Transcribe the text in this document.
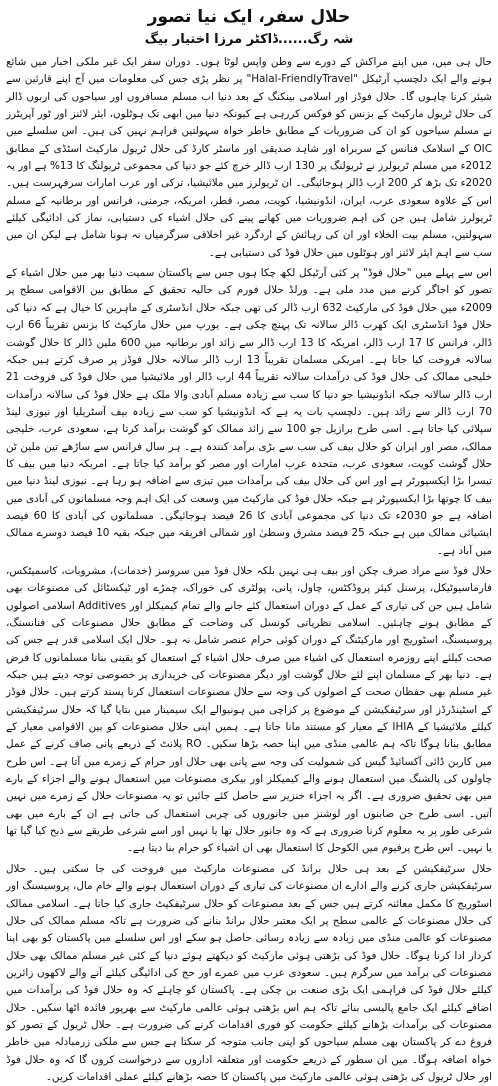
حلال سفر، ایک نیا تصور
شہ رگ......ڈاکٹر مرزا اختیار بیگ

حال ہی میں، میں اپنے مراکش کے دورے سے وطن واپس لوٹا ہوں۔ دوران سفر ایک غیر ملکی اخبار میں شائع ہونے والے ایک دلچسپ آرٹیکل "Halal-FriendlyTravel" پر نظر پڑی جس کی معلومات میں آج اپنے قارئین سے شیئر کرنا چاہوں گا۔ حلال فوڈز اور اسلامی بینکنگ کے بعد دنیا اب مسلم مسافروں اور سیاحوں کی اربوں ڈالر کی حلال ٹریول مارکیٹ کے بزنس کو فوکس کررہی ہے کیونکہ دنیا میں ابھی تک ہوٹلوں، ایئر لائنز اور ٹور آپریٹرز نے مسلم سیاحوں کو ان کی ضروریات کے مطابق خاطر خواہ سہولتیں فراہم نہیں کی ہیں۔ اس سلسلے میں OIC کے اسلامک فنانس کے سربراہ اور شاہد صدیقی اور ماسٹر کارڈ کی حلال ٹریول مارکیٹ اسٹڈی کے مطابق 2012ء میں مسلم ٹریولرز نے ٹریولنگ پر 130 ارب ڈالر خرچ کئے جو دنیا کی مجموعی ٹریولنگ کا 13% ہے اور یہ 2020ء تک بڑھ کر 200 ارب ڈالر ہوجائیگی۔ ان ٹریولرز میں ملائیشیا، ترکی اور عرب امارات سرفہرست ہیں۔ اس کے علاوہ سعودی عرب، ایران، انڈونیشیا، کویت، مصر، قطر، امریکہ، جرمنی، فرانس اور برطانیہ کے مسلم ٹریولرز شامل ہیں جن کی اہم ضروریات میں کھانے پینے کی حلال اشیاء کی دستیابی، نماز کی ادائیگی کیلئے سہولتیں، مسلم بیت الخلاء اور ان کی رہائش کے اردگرد غیر اخلاقی سرگرمیاں نہ ہونا شامل ہے لیکن ان میں سب سے اہم ایئر لائنز اور ہوٹلوں میں حلال فوڈ کی دستیابی ہے۔

اس سے پہلے میں "حلال فوڈ" پر کئی آرٹیکل لکھ چکا ہوں جس سے پاکستان سمیت دنیا بھر میں حلال اشیاء کے تصور کو اجاگر کرنے میں مدد ملی ہے۔ ورلڈ حلال فورم کی حالیہ تحقیق کے مطابق بین الاقوامی سطح پر 2009ء میں حلال فوڈ کی مارکیٹ 632 ارب ڈالر کی تھی جبکہ حلال انڈسٹری کے ماہرین کا خیال ہے کہ دنیا کی حلال فوڈ انڈسٹری ایک کھرب ڈالر سالانہ تک پہنچ چکی ہے۔ یورپ میں حلال مارکیٹ کا بزنس تقریباً 66 ارب ڈالر، فرانس کا 17 ارب ڈالر، امریکہ کا 13 ارب ڈالر سے زائد اور برطانیہ میں 600 ملین ڈالر کا حلال گوشت سالانہ فروخت کیا جاتا ہے۔ امریکی مسلمان تقریباً 13 ارب ڈالر سالانہ حلال فوڈز پر صرف کرتے ہیں جبکہ خلیجی ممالک کی حلال فوڈ کی درآمدات سالانہ تقریباً 44 ارب ڈالر اور ملائیشیا میں حلال فوڈ کی فروخت 21 ارب ڈالر سالانہ جبکہ انڈونیشیا جو دنیا کا سب سے زیادہ مسلم آبادی والا ملک ہے حلال فوڈ کی سالانہ درآمدات 70 ارب ڈالر سے زائد ہیں۔ دلچسپ بات یہ ہے کہ انڈونیشیا کو سب سے زیادہ بیف آسٹریلیا اور نیوزی لینڈ سپلائی کیا جاتا ہے۔ اسی طرح برازیل جو 100 سے زائد ممالک کو گوشت برآمد کرتا ہے، سعودی عرب، خلیجی ممالک، مصر اور ایران کو حلال بیف کی سب سے بڑی برآمد کنندہ ہے۔ ہر سال فرانس سے ساڑھے تین ملین ٹن حلال گوشت کویت، سعودی عرب، متحدہ عرب امارات اور مصر کو برآمد کیا جاتا ہے۔ امریکہ دنیا میں بیف کا تیسرا بڑا ایکسپورٹر ہے اور اس کی حلال بیف کی برآمدات میں تیزی سے اضافہ ہو رہا ہے۔ نیوزی لینڈ دنیا میں بیف کا چوتھا بڑا ایکسپورٹر ہے جبکہ حلال فوڈ کی مارکیٹ میں وسعت کی ایک اہم وجہ مسلمانوں کی آبادی میں اضافہ ہے جو 2030ء تک دنیا کی مجموعی آبادی کا 26 فیصد ہوجائیگی۔ مسلمانوں کی آبادی کا 60 فیصد ایشیائی ممالک میں ہے جبکہ 25 فیصد مشرق وسطیٰ اور شمالی افریقہ میں جبکہ بقیہ 10 فیصد دوسرے ممالک میں آباد ہے۔

حلال فوڈ سے مراد صرف چکن اور بیف ہی نہیں بلکہ حلال فوڈ میں سروسز (خدمات)، مشروبات، کاسمیٹکس، فارماسیوٹیکل، پرسنل کیئر پروڈکٹس، چاول، پانی، پولٹری کی خوراک، چمڑے اور ٹیکسٹائل کی مصنوعات بھی شامل ہیں جن کی تیاری کے عمل کے دوران استعمال کئے جانے والے تمام کیمیکلز اور Additives اسلامی اصولوں کے مطابق ہونے چاہئیں۔ اسلامی نظریاتی کونسل کی وضاحت کے مطابق حلال مصنوعات کی فنانسنگ، پروسیسنگ، اسٹوریج اور مارکیٹنگ کے دوران کوئی حرام عنصر شامل نہ ہو۔ حلال ایک اسلامی قدر ہے جس کی صحت کیلئے اپنے روزمرہ استعمال کی اشیاء میں صرف حلال اشیاء کے استعمال کو یقینی بنانا مسلمانوں کا فرض ہے۔ دنیا بھر کے مسلمان اپنے لئے حلال گوشت اور دیگر مصنوعات کی خریداری پر خصوصی توجہ دیتے ہیں جبکہ غیر مسلم بھی حفظان صحت کے اصولوں کی وجہ سے حلال مصنوعات استعمال کرنا پسند کرتے ہیں۔ حلال فوڈز کے اسٹینڈرڈز اور سرٹیفکیشن کے موضوع پر کراچی میں ہونیوالے ایک سیمینار میں بتایا گیا کہ حلال سرٹیفکیشن کیلئے ملائیشیا کے IHIA کے معیار کو مستند مانا جاتا ہے۔ ہمیں اپنی حلال مصنوعات کو بین الاقوامی معیار کے مطابق بنانا ہوگا تاکہ ہم عالمی منڈی میں اپنا حصہ بڑھا سکیں۔ RO پلانٹ کے ذریعے پانی صاف کرنے کے عمل میں کاربن ڈائی آکسائیڈ گیس کی شمولیت کی وجہ سے پانی بھی حلال اور حرام کے زمرے میں آتا ہے۔ اس طرح چاولوں کی پالشنگ میں استعمال ہونے والے کیمیکلز اور بیکری مصنوعات میں استعمال ہونے والے اجزاء کے بارے میں بھی تحقیق ضروری ہے۔ اگر یہ اجزاء خنزیر سے حاصل کئے جائیں تو یہ مصنوعات حلال کے زمرے میں نہیں آتیں۔ اسی طرح جن صابنوں اور لوشنز میں جانوروں کی چربی استعمال کی جاتی ہے ان کے بارے میں بھی شرعی طور پر یہ معلوم کرنا ضروری ہے کہ وہ جانور حلال تھا یا نہیں اور اسے شرعی طریقے سے ذبح کیا گیا تھا یا نہیں۔ اس طرح پرفیوم میں الکوحل کا استعمال بھی ان اشیاء کو حرام بنا دیتا ہے۔

حلال سرٹیفکیشن کے بعد ہی حلال برانڈ کی مصنوعات مارکیٹ میں فروخت کی جا سکتی ہیں۔ حلال سرٹیفکیشن جاری کرنے والے ادارے ان مصنوعات کی تیاری کے دوران استعمال ہونے والے خام مال، پروسیسنگ اور اسٹوریج کا مکمل معائنہ کرتے ہیں جس کے بعد مصنوعات کو حلال سرٹیفکیٹ جاری کیا جاتا ہے۔ اسلامی ممالک کی حلال مصنوعات کے عالمی سطح پر ایک معتبر حلال برانڈ بنانے کی ضرورت ہے تاکہ مسلم ممالک کی حلال مصنوعات کو عالمی منڈی میں زیادہ سے زیادہ رسائی حاصل ہو سکے اور اس سلسلے میں پاکستان کو بھی اپنا کردار ادا کرنا ہوگا۔ حلال فوڈ کی بڑھتی ہوئی مارکیٹ کو دیکھتے ہوئے دنیا کے کئی غیر مسلم ممالک بھی حلال مصنوعات کی برآمد میں سرگرم ہیں۔ سعودی عرب میں عمرے اور حج کی ادائیگی کیلئے آنے والے لاکھوں زائرین کیلئے حلال فوڈ کی فراہمی ایک بڑی صنعت بن چکی ہے۔ پاکستان کو چاہئے کہ وہ حلال فوڈ کی برآمدات میں اضافے کیلئے ایک جامع پالیسی بنائے تاکہ ہم اس بڑھتی ہوئی عالمی مارکیٹ سے بھرپور فائدہ اٹھا سکیں۔ حلال مصنوعات کی برآمدات بڑھانے کیلئے حکومت کو فوری اقدامات کرنے کی ضرورت ہے۔ حلال ٹریول کے تصور کو فروغ دے کر پاکستان بھی مسلم سیاحوں کو اپنی جانب متوجہ کر سکتا ہے جس سے ملکی زرمبادلہ میں خاطر خواہ اضافہ ہوگا۔ میں ان سطور کے ذریعے حکومت اور متعلقہ اداروں سے درخواست کروں گا کہ وہ حلال فوڈ اور حلال ٹریول کی بڑھتی ہوئی عالمی مارکیٹ میں پاکستان کا حصہ بڑھانے کیلئے عملی اقدامات کریں۔
